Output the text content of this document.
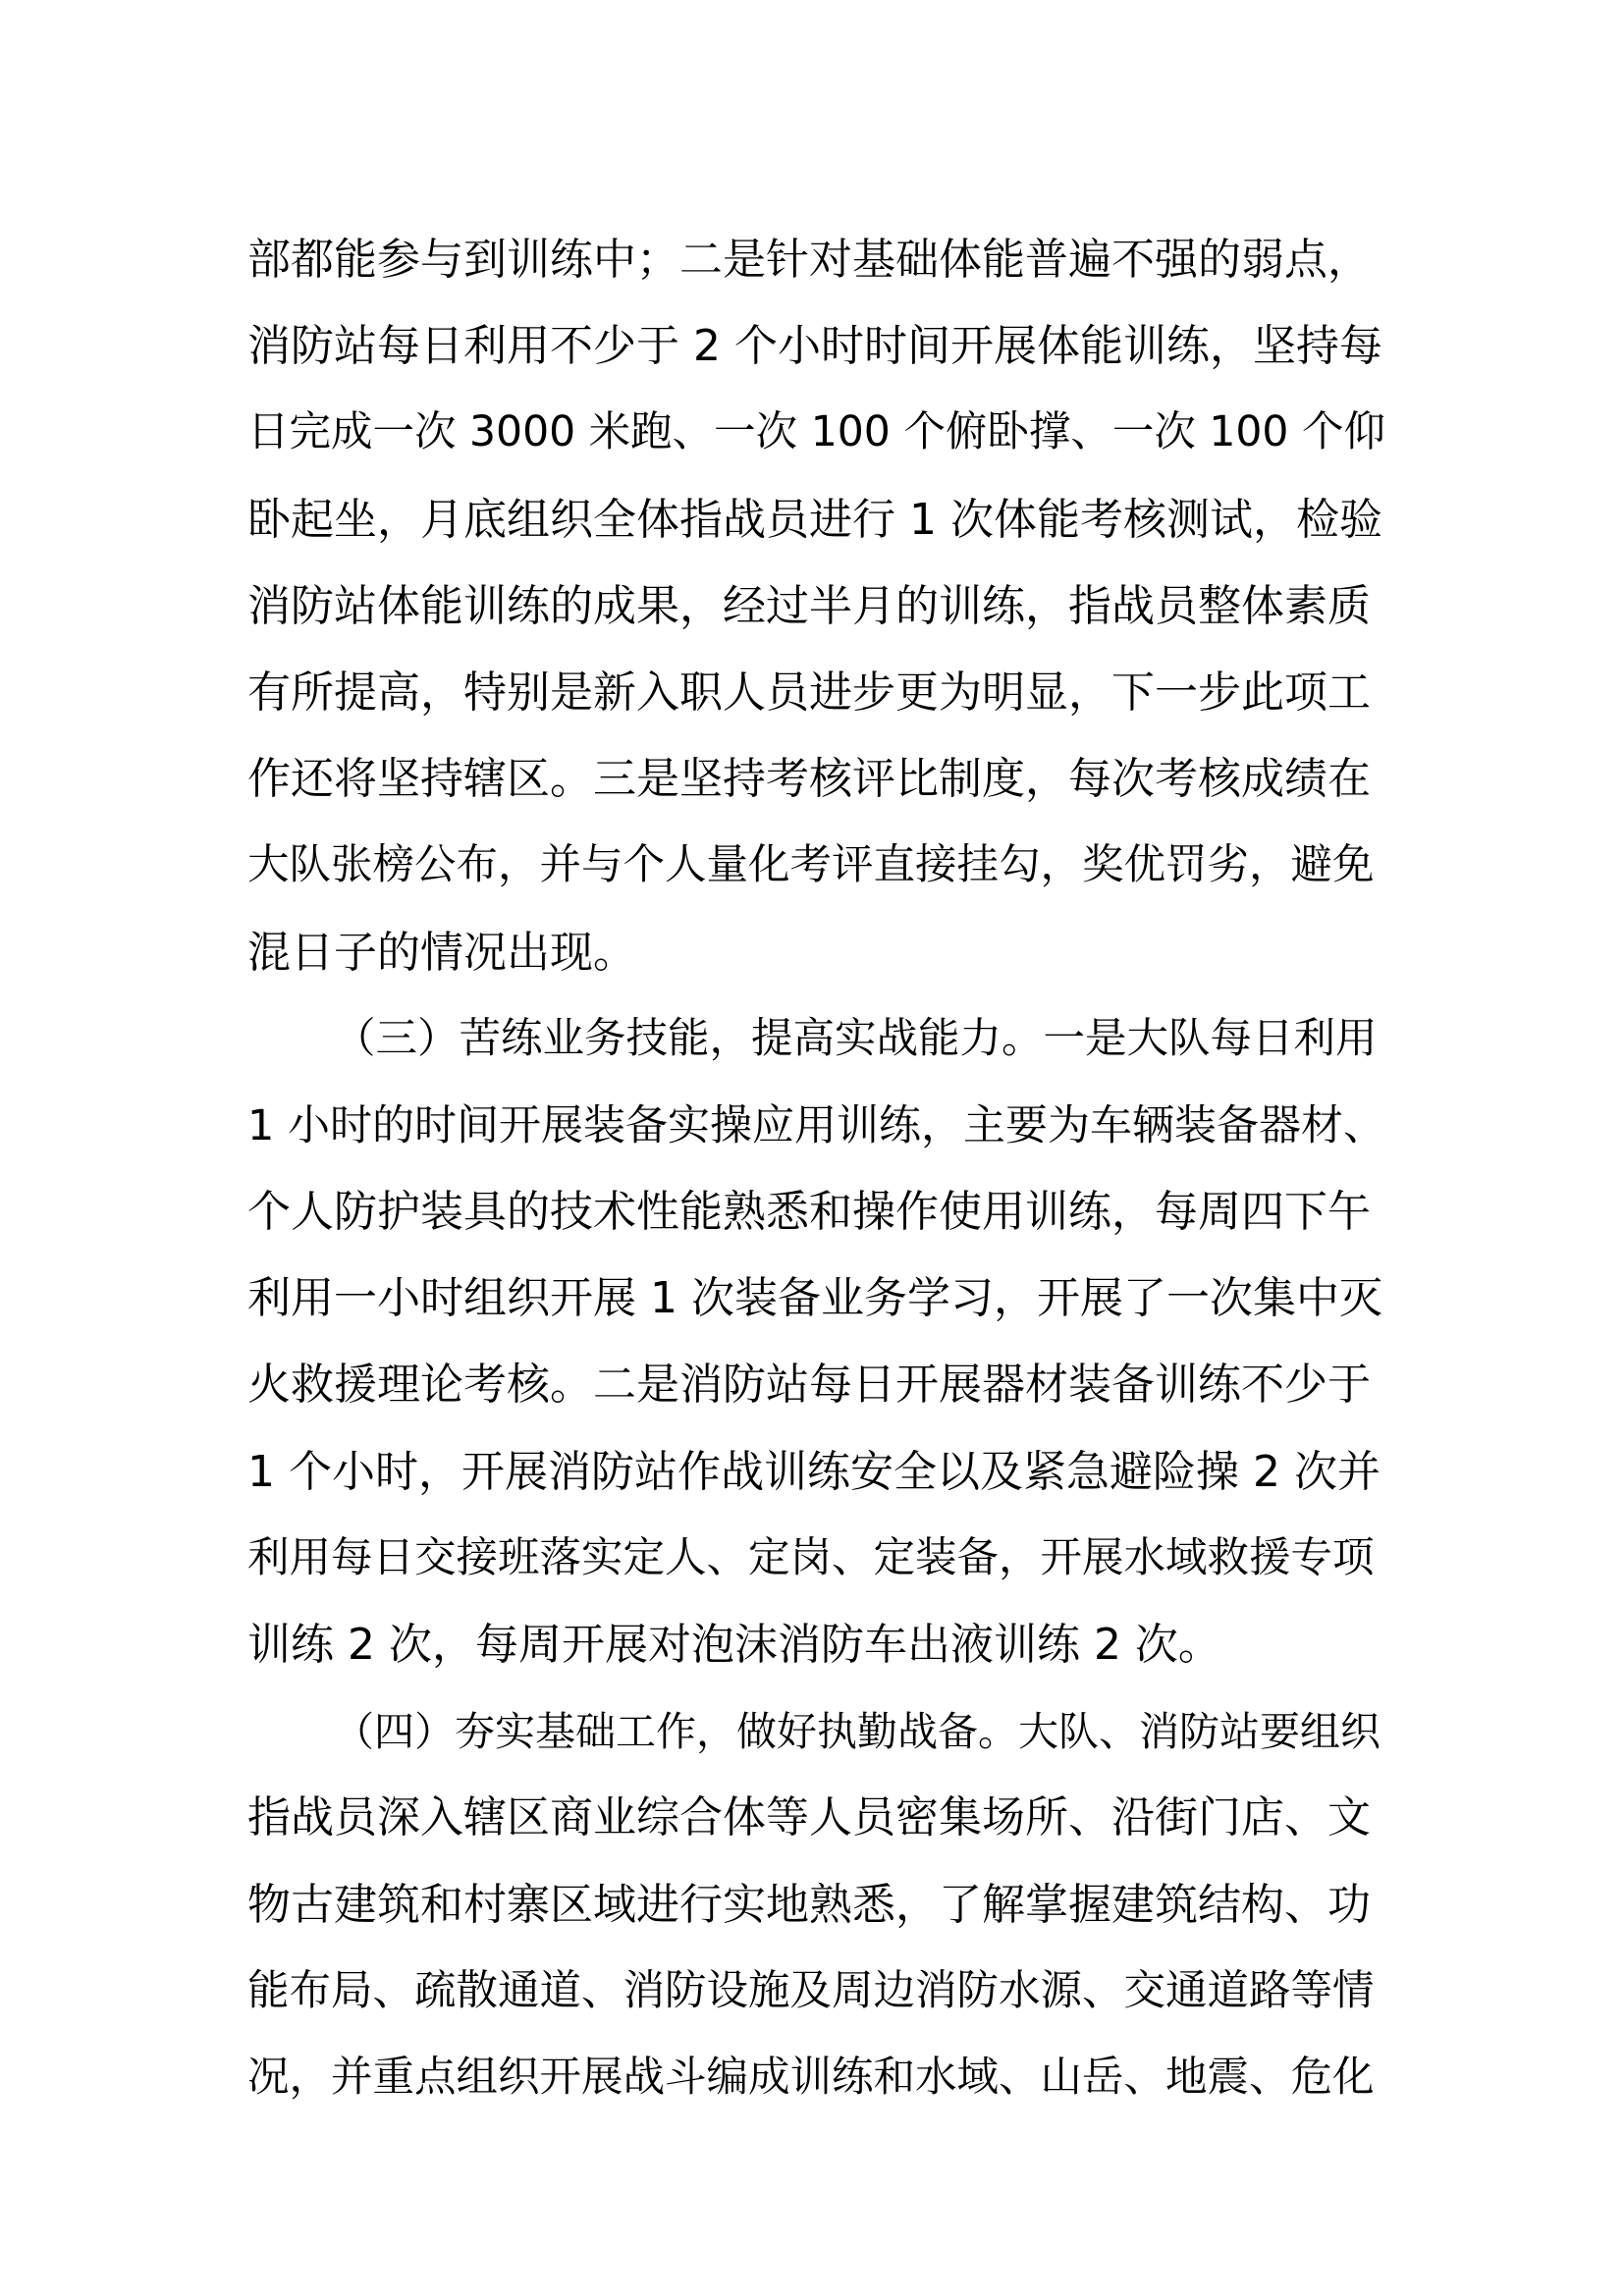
部都能参与到训练中；二是针对基础体能普遍不强的弱点，
消防站每日利用不少于 2 个小时时间开展体能训练，坚持每
日完成一次 3000 米跑、一次 100 个俯卧撑、一次 100 个仰
卧起坐，月底组织全体指战员进行 1 次体能考核测试，检验
消防站体能训练的成果，经过半月的训练，指战员整体素质
有所提高，特别是新入职人员进步更为明显，下一步此项工
作还将坚持辖区。三是坚持考核评比制度，每次考核成绩在
大队张榜公布，并与个人量化考评直接挂勾，奖优罚劣，避免
混日子的情况出现。
（三）苦练业务技能，提高实战能力。一是大队每日利用
1 小时的时间开展装备实操应用训练，主要为车辆装备器材、
个人防护装具的技术性能熟悉和操作使用训练，每周四下午
利用一小时组织开展 1 次装备业务学习，开展了一次集中灭
火救援理论考核。二是消防站每日开展器材装备训练不少于
1 个小时，开展消防站作战训练安全以及紧急避险操 2 次并
利用每日交接班落实定人、定岗、定装备，开展水域救援专项
训练 2 次，每周开展对泡沫消防车出液训练 2 次。
（四）夯实基础工作，做好执勤战备。大队、消防站要组织
指战员深入辖区商业综合体等人员密集场所、沿街门店、文
物古建筑和村寨区域进行实地熟悉，了解掌握建筑结构、功
能布局、疏散通道、消防设施及周边消防水源、交通道路等情
况，并重点组织开展战斗编成训练和水域、山岳、地震、危化
